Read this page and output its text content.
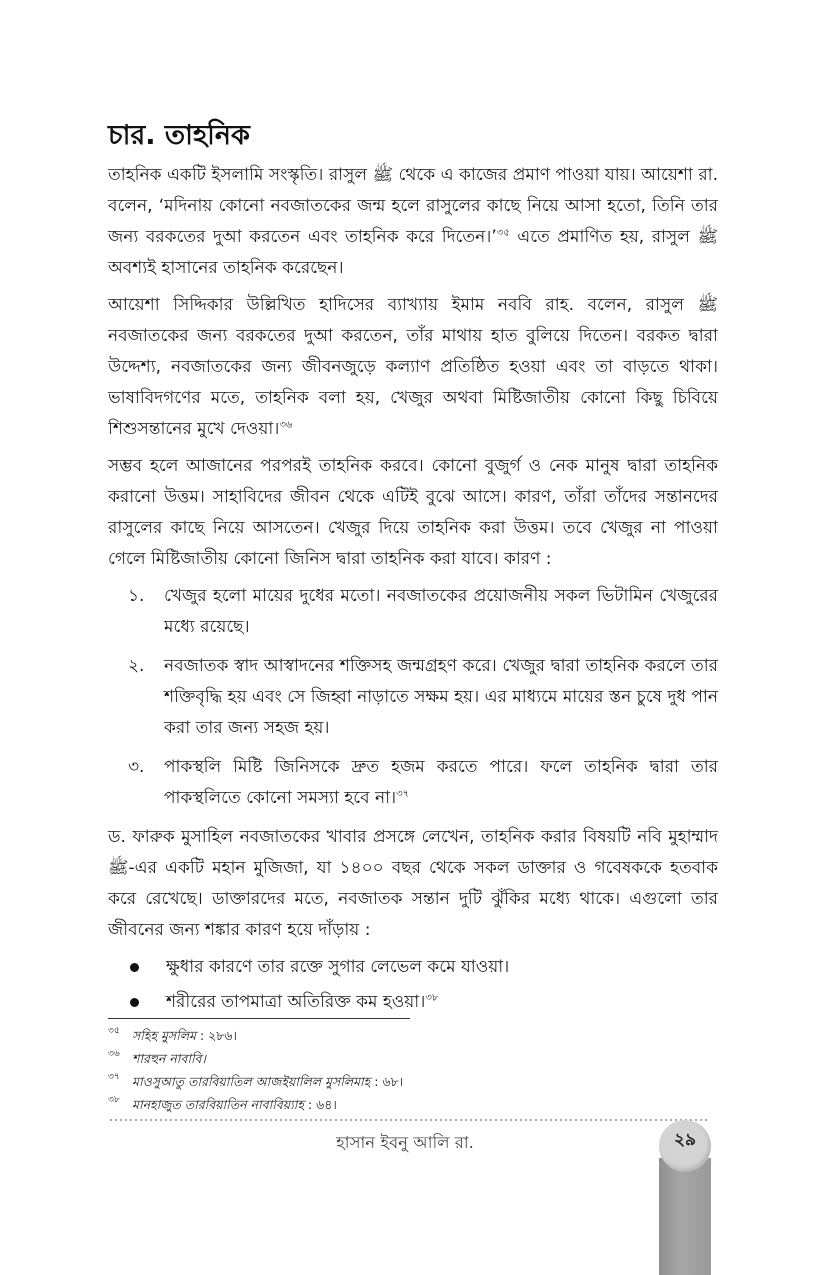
চার. তাহনিক

তাহনিক একটি ইসলামি সংস্কৃতি। রাসুল ﷺ থেকে এ কাজের প্রমাণ পাওয়া যায়। আয়েশা রা. বলেন, ‘মদিনায় কোনো নবজাতকের জন্ম হলে রাসুলের কাছে নিয়ে আসা হতো, তিনি তার জন্য বরকতের দুআ করতেন এবং তাহনিক করে দিতেন।’$^{৩৫}$ এতে প্রমাণিত হয়, রাসুল ﷺ অবশ্যই হাসানের তাহনিক করেছেন।

আয়েশা সিদ্দিকার উল্লিখিত হাদিসের ব্যাখ্যায় ইমাম নববি রাহ. বলেন, রাসুল ﷺ নবজাতকের জন্য বরকতের দুআ করতেন, তাঁর মাথায় হাত বুলিয়ে দিতেন। বরকত দ্বারা উদ্দেশ্য, নবজাতকের জন্য জীবনজুড়ে কল্যাণ প্রতিষ্ঠিত হওয়া এবং তা বাড়তে থাকা। ভাষাবিদগণের মতে, তাহনিক বলা হয়, খেজুর অথবা মিষ্টিজাতীয় কোনো কিছু চিবিয়ে শিশুসন্তানের মুখে দেওয়া।$^{৩৬}$

সম্ভব হলে আজানের পরপরই তাহনিক করবে। কোনো বুজুর্গ ও নেক মানুষ দ্বারা তাহনিক করানো উত্তম। সাহাবিদের জীবন থেকে এটিই বুঝে আসে। কারণ, তাঁরা তাঁদের সন্তানদের রাসুলের কাছে নিয়ে আসতেন। খেজুর দিয়ে তাহনিক করা উত্তম। তবে খেজুর না পাওয়া গেলে মিষ্টিজাতীয় কোনো জিনিস দ্বারা তাহনিক করা যাবে। কারণ :

১.	খেজুর হলো মায়ের দুধের মতো। নবজাতকের প্রয়োজনীয় সকল ভিটামিন খেজুরের মধ্যে রয়েছে।
২.	নবজাতক স্বাদ আস্বাদনের শক্তিসহ জন্মগ্রহণ করে। খেজুর দ্বারা তাহনিক করলে তার শক্তিবৃদ্ধি হয় এবং সে জিহ্বা নাড়াতে সক্ষম হয়। এর মাধ্যমে মায়ের স্তন চুষে দুধ পান করা তার জন্য সহজ হয়।
৩.	পাকস্থলি মিষ্টি জিনিসকে দ্রুত হজম করতে পারে। ফলে তাহনিক দ্বারা তার পাকস্থলিতে কোনো সমস্যা হবে না।$^{৩৭}$

ড. ফারুক মুসাহিল নবজাতকের খাবার প্রসঙ্গে লেখেন, তাহনিক করার বিষয়টি নবি মুহাম্মাদ ﷺ-এর একটি মহান মুজিজা, যা ১৪০০ বছর থেকে সকল ডাক্তার ও গবেষককে হতবাক করে রেখেছে। ডাক্তারদের মতে, নবজাতক সন্তান দুটি ঝুঁকির মধ্যে থাকে। এগুলো তার জীবনের জন্য শঙ্কার কারণ হয়ে দাঁড়ায় :

ক্ষুধার কারণে তার রক্তে সুগার লেভেল কমে যাওয়া।
শরীরের তাপমাত্রা অতিরিক্ত কম হওয়া।$^{৩৮}$
৩৫ সহিহ মুসলিম : ২৮৬।
৩৬ শারহুন নাবাবি।
৩৭ মাওসুআতু তারবিয়াতিল আজইয়ালিল মুসলিমাহ : ৬৮।
৩৮ মানহাজুত তারবিয়াতিন নাবাবিয়্যাহ : ৬৪।
হাসান ইবনু আলি রা.	২৯
